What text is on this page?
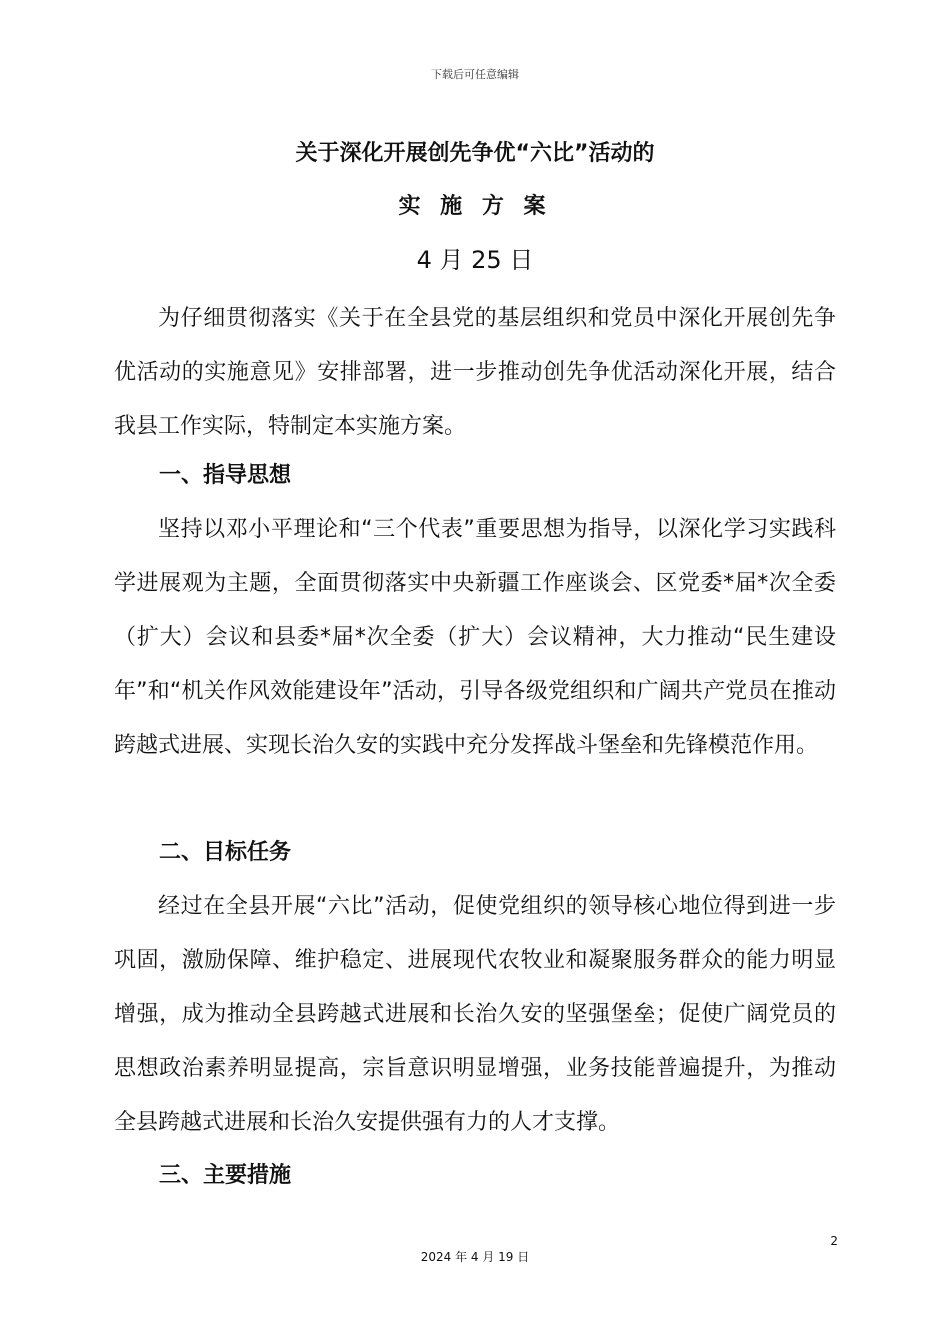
下载后可任意编辑
关于深化开展创先争优“六比”活动的
实 施 方 案
4 月 25 日
为仔细贯彻落实《关于在全县党的基层组织和党员中深化开展创先争优活动的实施意见》安排部署，进一步推动创先争优活动深化开展，结合我县工作实际，特制定本实施方案。
一、指导思想
坚持以邓小平理论和“三个代表”重要思想为指导，以深化学习实践科学进展观为主题，全面贯彻落实中央新疆工作座谈会、区党委*届*次全委（扩大）会议和县委*届*次全委（扩大）会议精神，大力推动“民生建设年”和“机关作风效能建设年”活动，引导各级党组织和广阔共产党员在推动跨越式进展、实现长治久安的实践中充分发挥战斗堡垒和先锋模范作用。
二、目标任务
经过在全县开展“六比”活动，促使党组织的领导核心地位得到进一步巩固，激励保障、维护稳定、进展现代农牧业和凝聚服务群众的能力明显增强，成为推动全县跨越式进展和长治久安的坚强堡垒；促使广阔党员的思想政治素养明显提高，宗旨意识明显增强，业务技能普遍提升，为推动全县跨越式进展和长治久安提供强有力的人才支撑。
三、主要措施
2
2024 年 4 月 19 日
